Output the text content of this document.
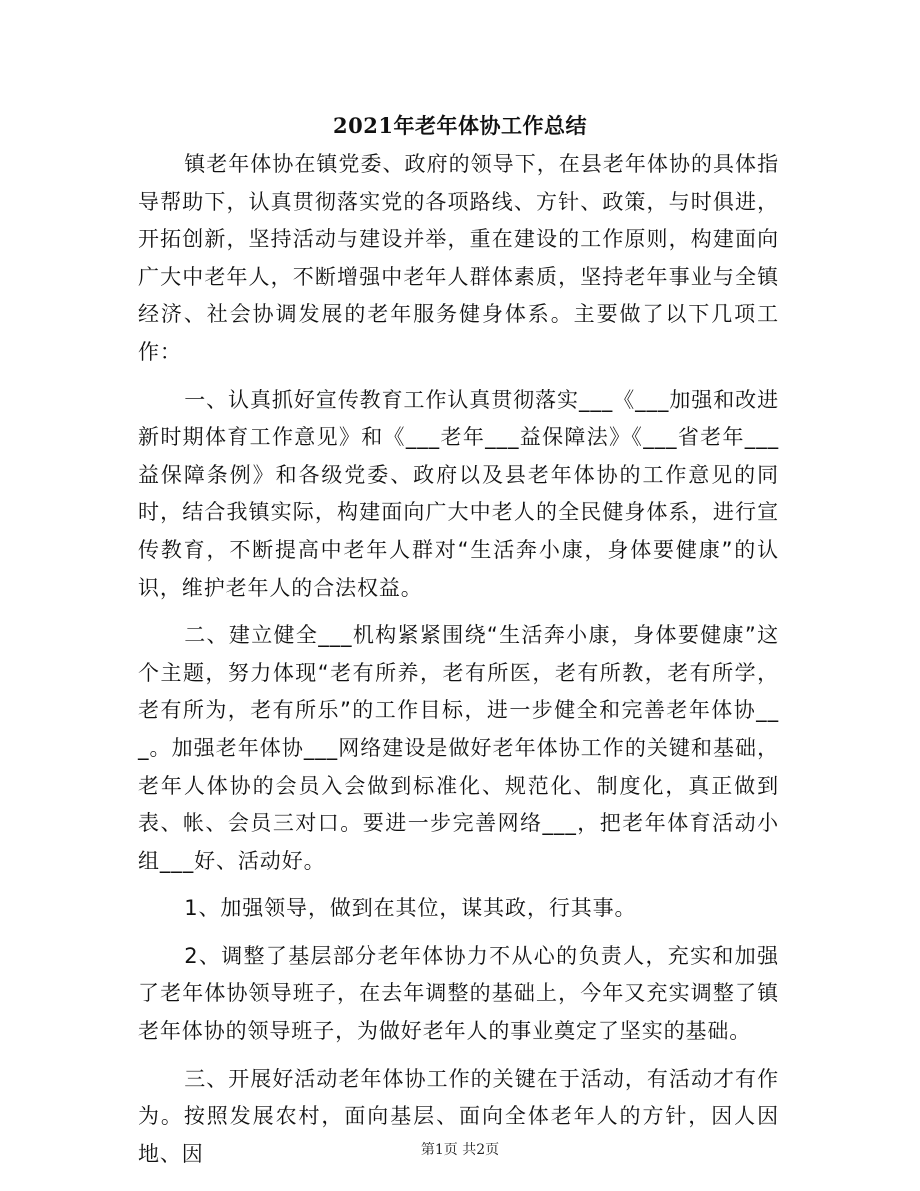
2021年老年体协工作总结

镇老年体协在镇党委、政府的领导下，在县老年体协的具体指导帮助下，认真贯彻落实党的各项路线、方针、政策，与时俱进，开拓创新，坚持活动与建设并举，重在建设的工作原则，构建面向广大中老年人，不断增强中老年人群体素质，坚持老年事业与全镇经济、社会协调发展的老年服务健身体系。主要做了以下几项工作：

一、认真抓好宣传教育工作认真贯彻落实___《___加强和改进新时期体育工作意见》和《___老年___益保障法》《___省老年___益保障条例》和各级党委、政府以及县老年体协的工作意见的同时，结合我镇实际，构建面向广大中老人的全民健身体系，进行宣传教育，不断提高中老年人群对“生活奔小康，身体要健康”的认识，维护老年人的合法权益。

二、建立健全___机构紧紧围绕“生活奔小康，身体要健康”这个主题，努力体现“老有所养，老有所医，老有所教，老有所学，老有所为，老有所乐”的工作目标，进一步健全和完善老年体协___。加强老年体协___网络建设是做好老年体协工作的关键和基础，老年人体协的会员入会做到标准化、规范化、制度化，真正做到表、帐、会员三对口。要进一步完善网络___，把老年体育活动小组___好、活动好。

1、加强领导，做到在其位，谋其政，行其事。

2、调整了基层部分老年体协力不从心的负责人，充实和加强了老年体协领导班子，在去年调整的基础上，今年又充实调整了镇老年体协的领导班子，为做好老年人的事业奠定了坚实的基础。

三、开展好活动老年体协工作的关键在于活动，有活动才有作为。按照发展农村，面向基层、面向全体老年人的方针，因人因地、因	第1页 共2页
